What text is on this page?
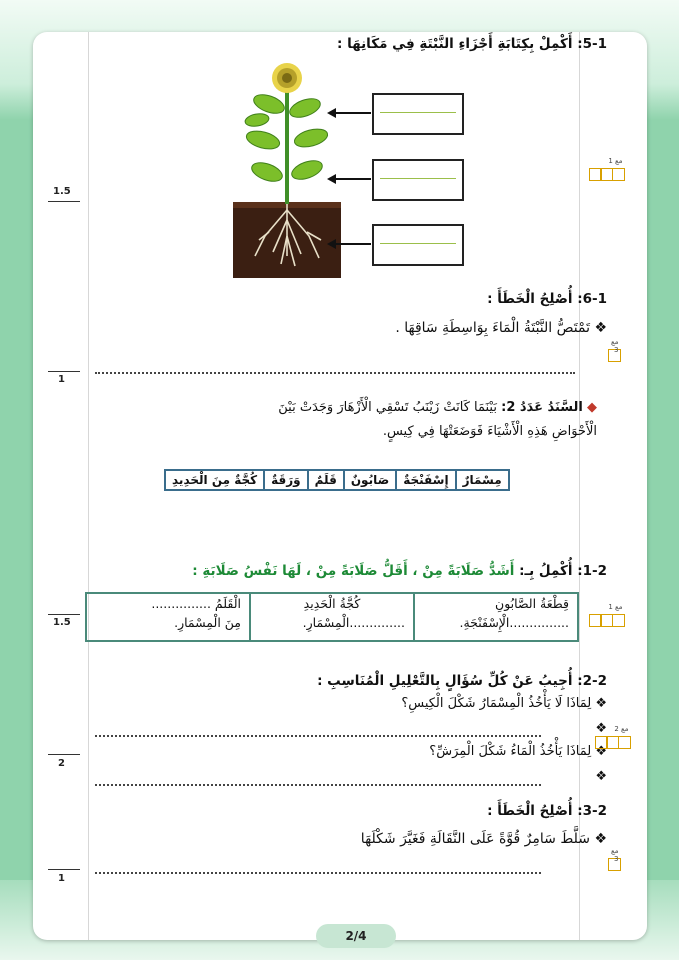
5-1: أَكْمِلْ بِكِتَابَةِ أَجْزَاءِ النَّبْتَةِ فِي مَكَانِهَا :
1.5
مع 1
6-1: أُصْلِحُ الْخَطَأَ :
❖ تَمْتَصُّ النَّبْتَةُ الْمَاءَ بِوَاسِطَةِ سَاقِهَا .
1
مع 3
◆ السَّنَدُ عَدَدُ 2: بَيْنَمَا كَانَتْ زَيْنَبُ تَسْقِي الْأَزْهَارَ وَجَدَتْ بَيْنَ
الْأَحْوَاضِ هَذِهِ الْأَشْيَاءَ فَوَضَعَتْهَا فِي كِيسٍ.
مِسْمَارٌ	إِسْفَنْجَةٌ	صَابُونٌ	قَلَمٌ	وَرَقَةٌ	كُجَّةٌ مِنَ الْحَدِيدِ
1-2: أُكْمِلُ بِـ: أَشَدُّ صَلَابَةً مِنْ ، أَقَلُّ صَلَابَةً مِنْ ، لَهَا نَفْسُ صَلَابَةِ :
قِطْعَةُ الصَّابُونِ
...............الْإِسْفَنْجَةِ.

كُجَّةُ الْحَدِيدِ
..............الْمِسْمَارِ.

الْقَلَمُ ...............
مِنَ الْمِسْمَارِ.
1.5
مع 1
2-2: أُجِيبُ عَنْ كُلِّ سُؤَالٍ بِالتَّعْلِيلِ الْمُنَاسِبِ :
❖ لِمَاذَا لَا يَأْخُذُ الْمِسْمَارُ شَكْلَ الْكِيسِ؟
❖
❖ لِمَاذَا يَأْخُذُ الْمَاءُ شَكْلَ الْمِرَشِّ؟
❖
2
مع 2
3-2: أُصْلِحُ الْخَطَأَ :
❖ سَلَّطَ سَامِرٌ قُوَّةً عَلَى النَّقَالَةِ فَغَيَّرَ شَكْلَهَا
1
مع 3
2/4
